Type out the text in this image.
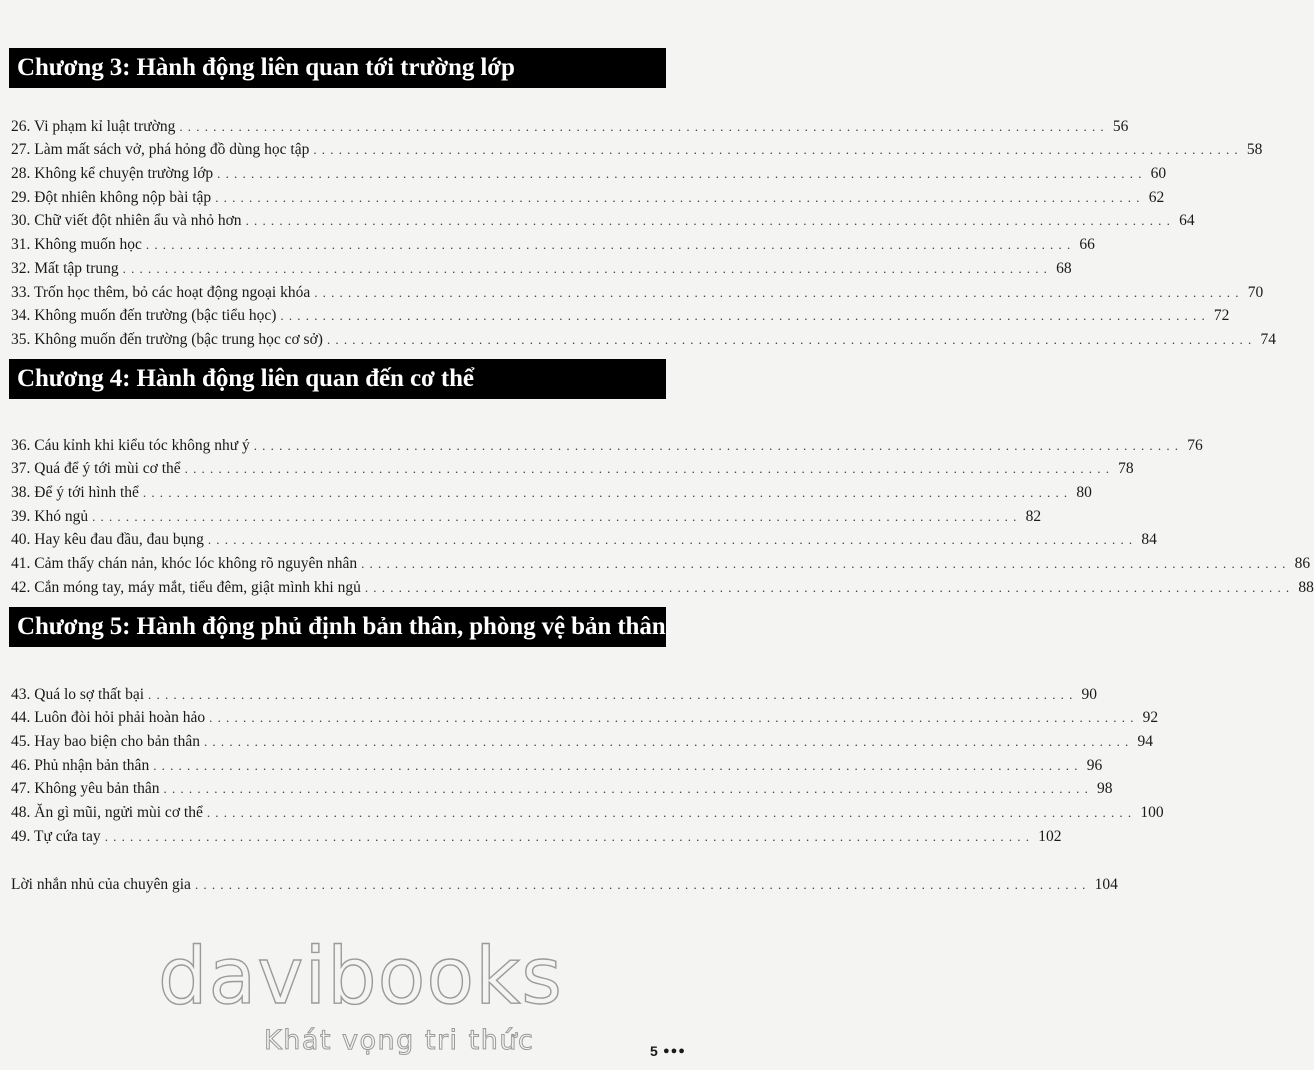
Chương 3: Hành động liên quan tới trường lớp
26. Vi phạm kỉ luật trường .............................................................................................................. 56
27. Làm mất sách vở, phá hỏng đồ dùng học tập .............................................................................................................. 58
28. Không kể chuyện trường lớp .............................................................................................................. 60
29. Đột nhiên không nộp bài tập .............................................................................................................. 62
30. Chữ viết đột nhiên ẩu và nhỏ hơn .............................................................................................................. 64
31. Không muốn học .............................................................................................................. 66
32. Mất tập trung .............................................................................................................. 68
33. Trốn học thêm, bỏ các hoạt động ngoại khóa .............................................................................................................. 70
34. Không muốn đến trường (bậc tiểu học) .............................................................................................................. 72
35. Không muốn đến trường (bậc trung học cơ sở) .............................................................................................................. 74
Chương 4: Hành động liên quan đến cơ thể
36. Cáu kỉnh khi kiểu tóc không như ý .............................................................................................................. 76
37. Quá để ý tới mùi cơ thể .............................................................................................................. 78
38. Để ý tới hình thể .............................................................................................................. 80
39. Khó ngủ .............................................................................................................. 82
40. Hay kêu đau đầu, đau bụng .............................................................................................................. 84
41. Cảm thấy chán nản, khóc lóc không rõ nguyên nhân .............................................................................................................. 86
42. Cắn móng tay, máy mắt, tiểu đêm, giật mình khi ngủ .............................................................................................................. 88
Chương 5: Hành động phủ định bản thân, phòng vệ bản thân
43. Quá lo sợ thất bại .............................................................................................................. 90
44. Luôn đòi hỏi phải hoàn hảo .............................................................................................................. 92
45. Hay bao biện cho bản thân .............................................................................................................. 94
46. Phủ nhận bản thân .............................................................................................................. 96
47. Không yêu bản thân .............................................................................................................. 98
48. Ăn gì mũi, ngửi mùi cơ thể .............................................................................................................. 100
49. Tự cứa tay .............................................................................................................. 102
Lời nhắn nhủ của chuyên gia .......................................................................................................... 104
davibooks
Khát vọng tri thức	5 ●●●
